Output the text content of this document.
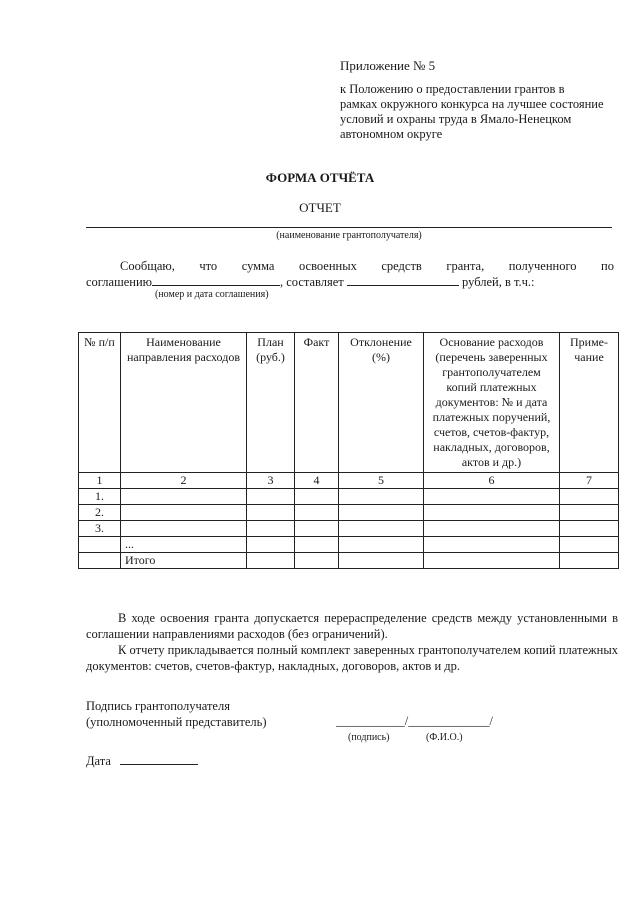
Приложение № 5
к Положению о предоставлении грантов в
рамках окружного конкурса на лучшее состояние
условий и охраны труда в Ямало-Ненецком
автономном округе
ФОРМА ОТЧЁТА
ОТЧЕТ
(наименование грантополучателя)
Сообщаю, что сумма освоенных средств гранта, полученного по
соглашению	, составляет	рублей, в т.ч.:
(номер и дата соглашения)
№ п/п	Наименование направления расходов	План (руб.)	Факт	Отклонение (%)	Основание расходов (перечень заверенных грантополучателем копий платежных документов: № и дата платежных поручений, счетов, счетов-фактур, накладных, договоров, актов и др.)	Приме-чание
1	2	3	4	5	6	7
1.						
2.						
3.						
	...					
	Итого					
В ходе освоения гранта допускается перераспределение средств между установленными в соглашении направлениями расходов (без ограничений).
К отчету прикладывается полный комплект заверенных грантополучателем копий платежных документов: счетов, счетов-фактур, накладных, договоров, актов и др.
Подпись грантополучателя
(уполномоченный представитель)	___________/_____________/
(подпись)	(Ф.И.О.)
Дата
